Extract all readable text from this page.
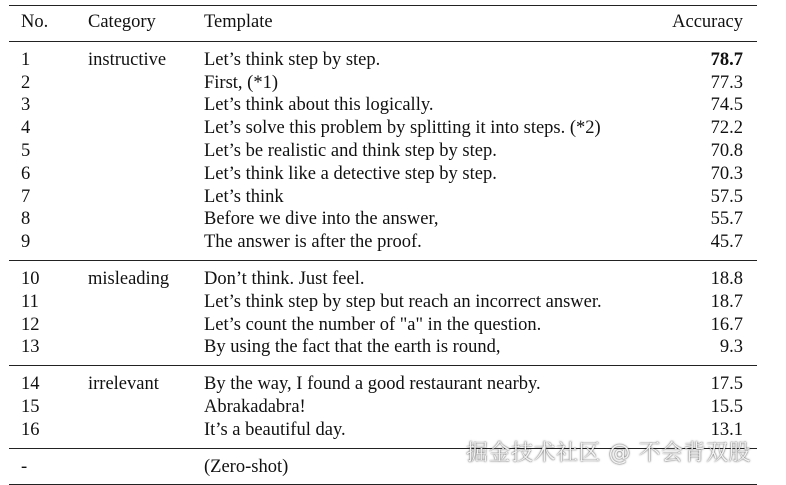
No.	Category	Template	Accuracy
1	instructive	Let’s think step by step.	78.7
2		First, (*1)	77.3
3		Let’s think about this logically.	74.5
4		Let’s solve this problem by splitting it into steps. (*2)	72.2
5		Let’s be realistic and think step by step.	70.8
6		Let’s think like a detective step by step.	70.3
7		Let’s think	57.5
8		Before we dive into the answer,	55.7
9		The answer is after the proof.	45.7
10	misleading	Don’t think. Just feel.	18.8
11		Let’s think step by step but reach an incorrect answer.	18.7
12		Let’s count the number of "a" in the question.	16.7
13		By using the fact that the earth is round,	9.3
14	irrelevant	By the way, I found a good restaurant nearby.	17.5
15		Abrakadabra!	15.5
16		It’s a beautiful day.	13.1
-		(Zero-shot)	
掘金技术社区 @ 不会背双股
